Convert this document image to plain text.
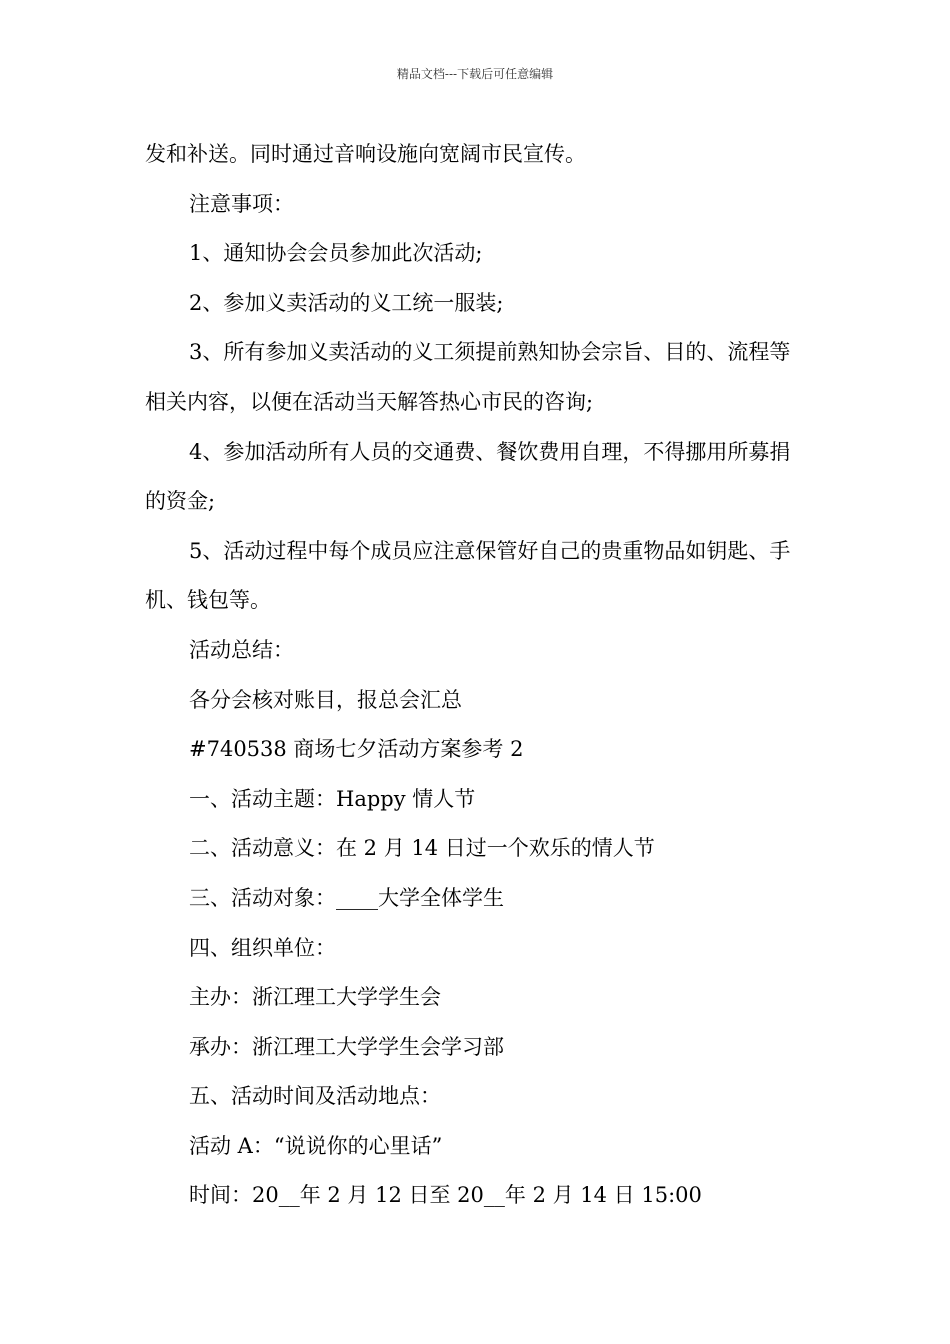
精品文档---下载后可任意编辑

发和补送。同时通过音响设施向宽阔市民宣传。

注意事项：

1、通知协会会员参加此次活动;

2、参加义卖活动的义工统一服装;

3、所有参加义卖活动的义工须提前熟知协会宗旨、目的、流程等相关内容，以便在活动当天解答热心市民的咨询;

4、参加活动所有人员的交通费、餐饮费用自理，不得挪用所募捐的资金;

5、活动过程中每个成员应注意保管好自己的贵重物品如钥匙、手机、钱包等。

活动总结：

各分会核对账目，报总会汇总

#740538 商场七夕活动方案参考 2

一、活动主题：Happy 情人节

二、活动意义：在 2 月 14 日过一个欢乐的情人节

三、活动对象：____大学全体学生

四、组织单位：

主办：浙江理工大学学生会

承办：浙江理工大学学生会学习部

五、活动时间及活动地点：

活动 A：“说说你的心里话”

时间：20__年 2 月 12 日至 20__年 2 月 14 日 15:00
